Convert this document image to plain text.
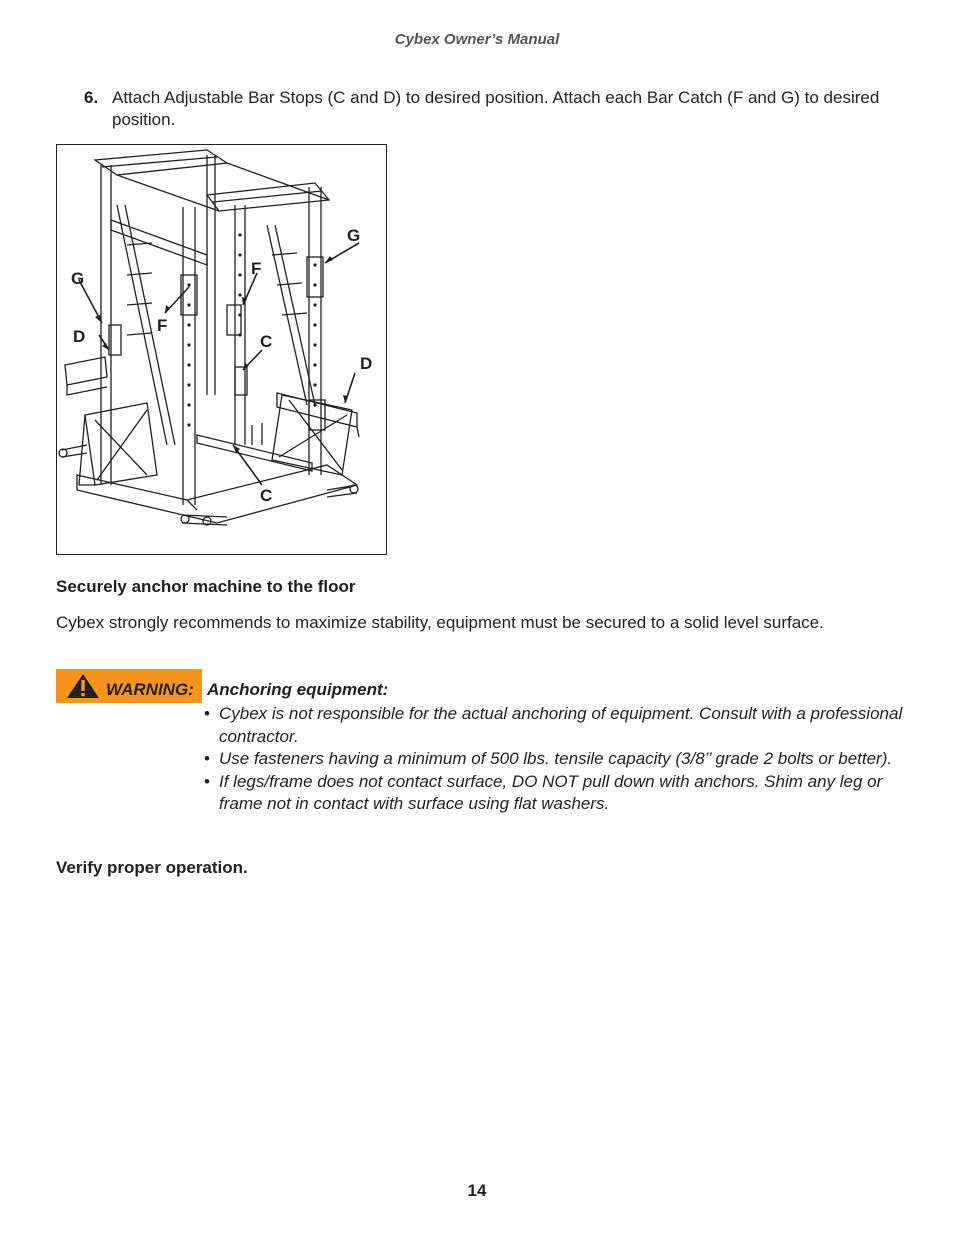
Cybex Owner’s Manual
6. Attach Adjustable Bar Stops (C and D) to desired position. Attach each Bar Catch (F and G) to desired position.
G
D
F
F
G
C
D
C
Securely anchor machine to the floor
Cybex strongly recommends to maximize stability, equipment must be secured to a solid level surface.
WARNING: Anchoring equipment:
• Cybex is not responsible for the actual anchoring of equipment. Consult with a professional contractor.
• Use fasteners having a minimum of 500 lbs. tensile capacity (3/8’’ grade 2 bolts or better).
• If legs/frame does not contact surface, DO NOT pull down with anchors. Shim any leg or frame not in contact with surface using flat washers.
Verify proper operation.
14
